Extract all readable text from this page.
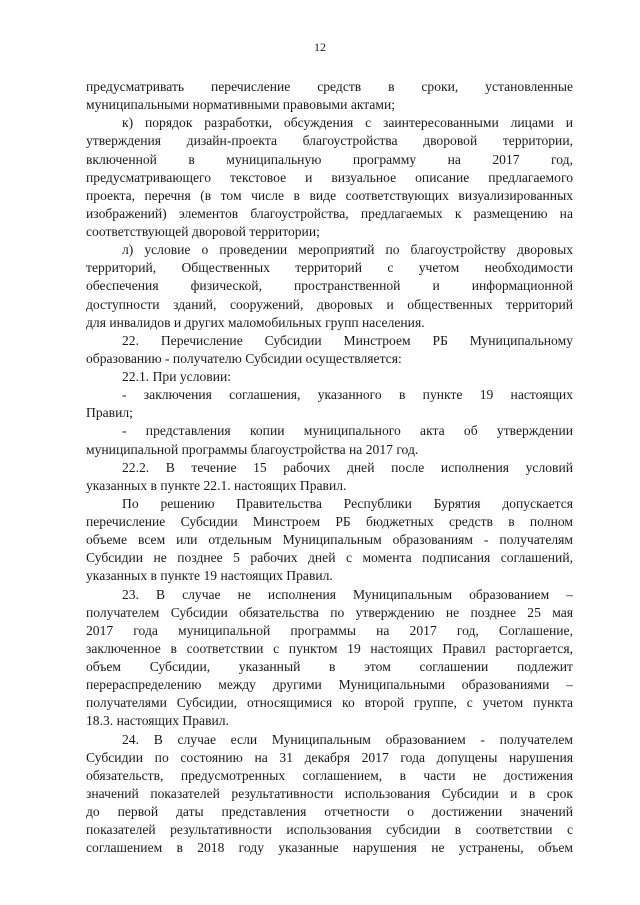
12
предусматривать перечисление средств в сроки, установленные
муниципальными нормативными правовыми актами;
к) порядок разработки, обсуждения с заинтересованными лицами и
утверждения дизайн-проекта благоустройства дворовой территории,
включенной в муниципальную программу на 2017 год,
предусматривающего текстовое и визуальное описание предлагаемого
проекта, перечня (в том числе в виде соответствующих визуализированных
изображений) элементов благоустройства, предлагаемых к размещению на
соответствующей дворовой территории;
л) условие о проведении мероприятий по благоустройству дворовых
территорий, Общественных территорий с учетом необходимости
обеспечения физической, пространственной и информационной
доступности зданий, сооружений, дворовых и общественных территорий
для инвалидов и других маломобильных групп населения.
22. Перечисление Субсидии Минстроем РБ Муниципальному
образованию - получателю Субсидии осуществляется:
22.1. При условии:
- заключения соглашения, указанного в пункте 19 настоящих
Правил;
- представления копии муниципального акта об утверждении
муниципальной программы благоустройства на 2017 год.
22.2. В течение 15 рабочих дней после исполнения условий
указанных в пункте 22.1. настоящих Правил.
По решению Правительства Республики Бурятия допускается
перечисление Субсидии Минстроем РБ бюджетных средств в полном
объеме всем или отдельным Муниципальным образованиям - получателям
Субсидии не позднее 5 рабочих дней с момента подписания соглашений,
указанных в пункте 19 настоящих Правил.
23. В случае не исполнения Муниципальным образованием –
получателем Субсидии обязательства по утверждению не позднее 25 мая
2017 года муниципальной программы на 2017 год, Соглашение,
заключенное в соответствии с пунктом 19 настоящих Правил расторгается,
объем Субсидии, указанный в этом соглашении подлежит
перераспределению между другими Муниципальными образованиями –
получателями Субсидии, относящимися ко второй группе, с учетом пункта
18.3. настоящих Правил.
24. В случае если Муниципальным образованием - получателем
Субсидии по состоянию на 31 декабря 2017 года допущены нарушения
обязательств, предусмотренных соглашением, в части не достижения
значений показателей результативности использования Субсидии и в срок
до первой даты представления отчетности о достижении значений
показателей результативности использования субсидии в соответствии с
соглашением в 2018 году указанные нарушения не устранены, объем
